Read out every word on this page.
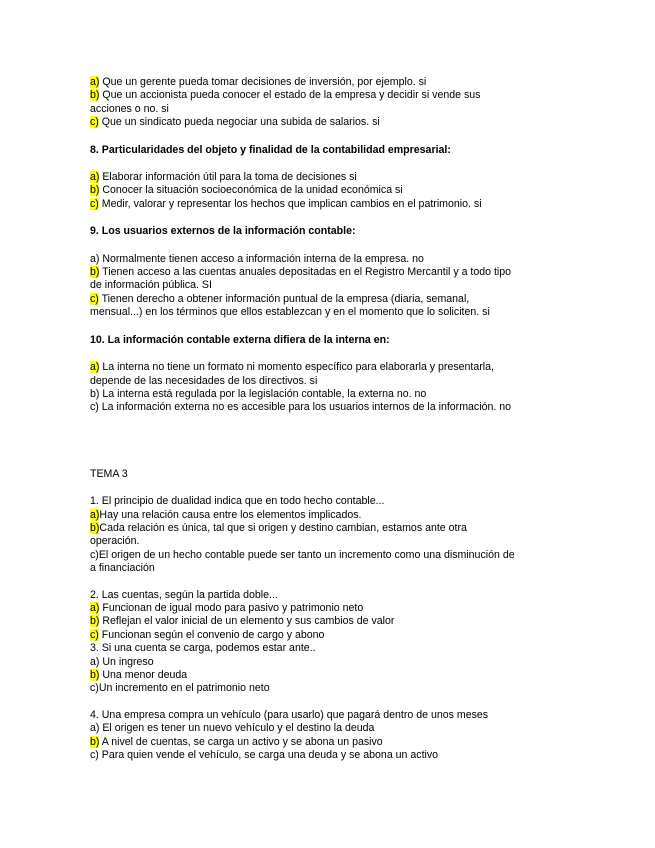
a) Que un gerente pueda tomar decisiones de inversión, por ejemplo. si

b) Que un accionista pueda conocer el estado de la empresa y decidir si vende sus

acciones o no. si

c) Que un sindicato pueda negociar una subida de salarios. si

8. Particularidades del objeto y finalidad de la contabilidad empresarial:

a) Elaborar información útil para la toma de decisiones si

b) Conocer la situación socioeconómica de la unidad económica si

c) Medir, valorar y representar los hechos que implican cambios en el patrimonio. si

9. Los usuarios externos de la información contable:

a) Normalmente tienen acceso a información interna de la empresa. no

b) Tienen acceso a las cuentas anuales depositadas en el Registro Mercantil y a todo tipo

de información pública. SI

c) Tienen derecho a obtener información puntual de la empresa (diaria, semanal,

mensual...) en los términos que ellos establezcan y en el momento que lo soliciten. si

10. La información contable externa difiera de la interna en:

a) La interna no tiene un formato ni momento específico para elaborarla y presentarla,

depende de las necesidades de los directivos. si

b) La interna está regulada por la legislación contable, la externa no. no

c) La información externa no es accesible para los usuarios internos de la información. no

TEMA 3

1. El principio de dualidad indica que en todo hecho contable...

a)Hay una relación causa entre los elementos implicados.

b)Cada relación es única, tal que si origen y destino cambian, estamos ante otra

operación.

c)El origen de un hecho contable puede ser tanto un incremento como una disminución de

a financiación

2. Las cuentas, según la partida doble...

a) Funcionan de igual modo para pasivo y patrimonio neto

b) Reflejan el valor inicial de un elemento y sus cambios de valor

c) Funcionan según el convenio de cargo y abono

3. Si una cuenta se carga, podemos estar ante..

a) Un ingreso

b) Una menor deuda

c)Un incremento en el patrimonio neto

4. Una empresa compra un vehículo (para usarlo) que pagará dentro de unos meses

a) El origen es tener un nuevo vehículo y el destino la deuda

b) A nivel de cuentas, se carga un activo y se abona un pasivo

c) Para quien vende el vehículo, se carga una deuda y se abona un activo
